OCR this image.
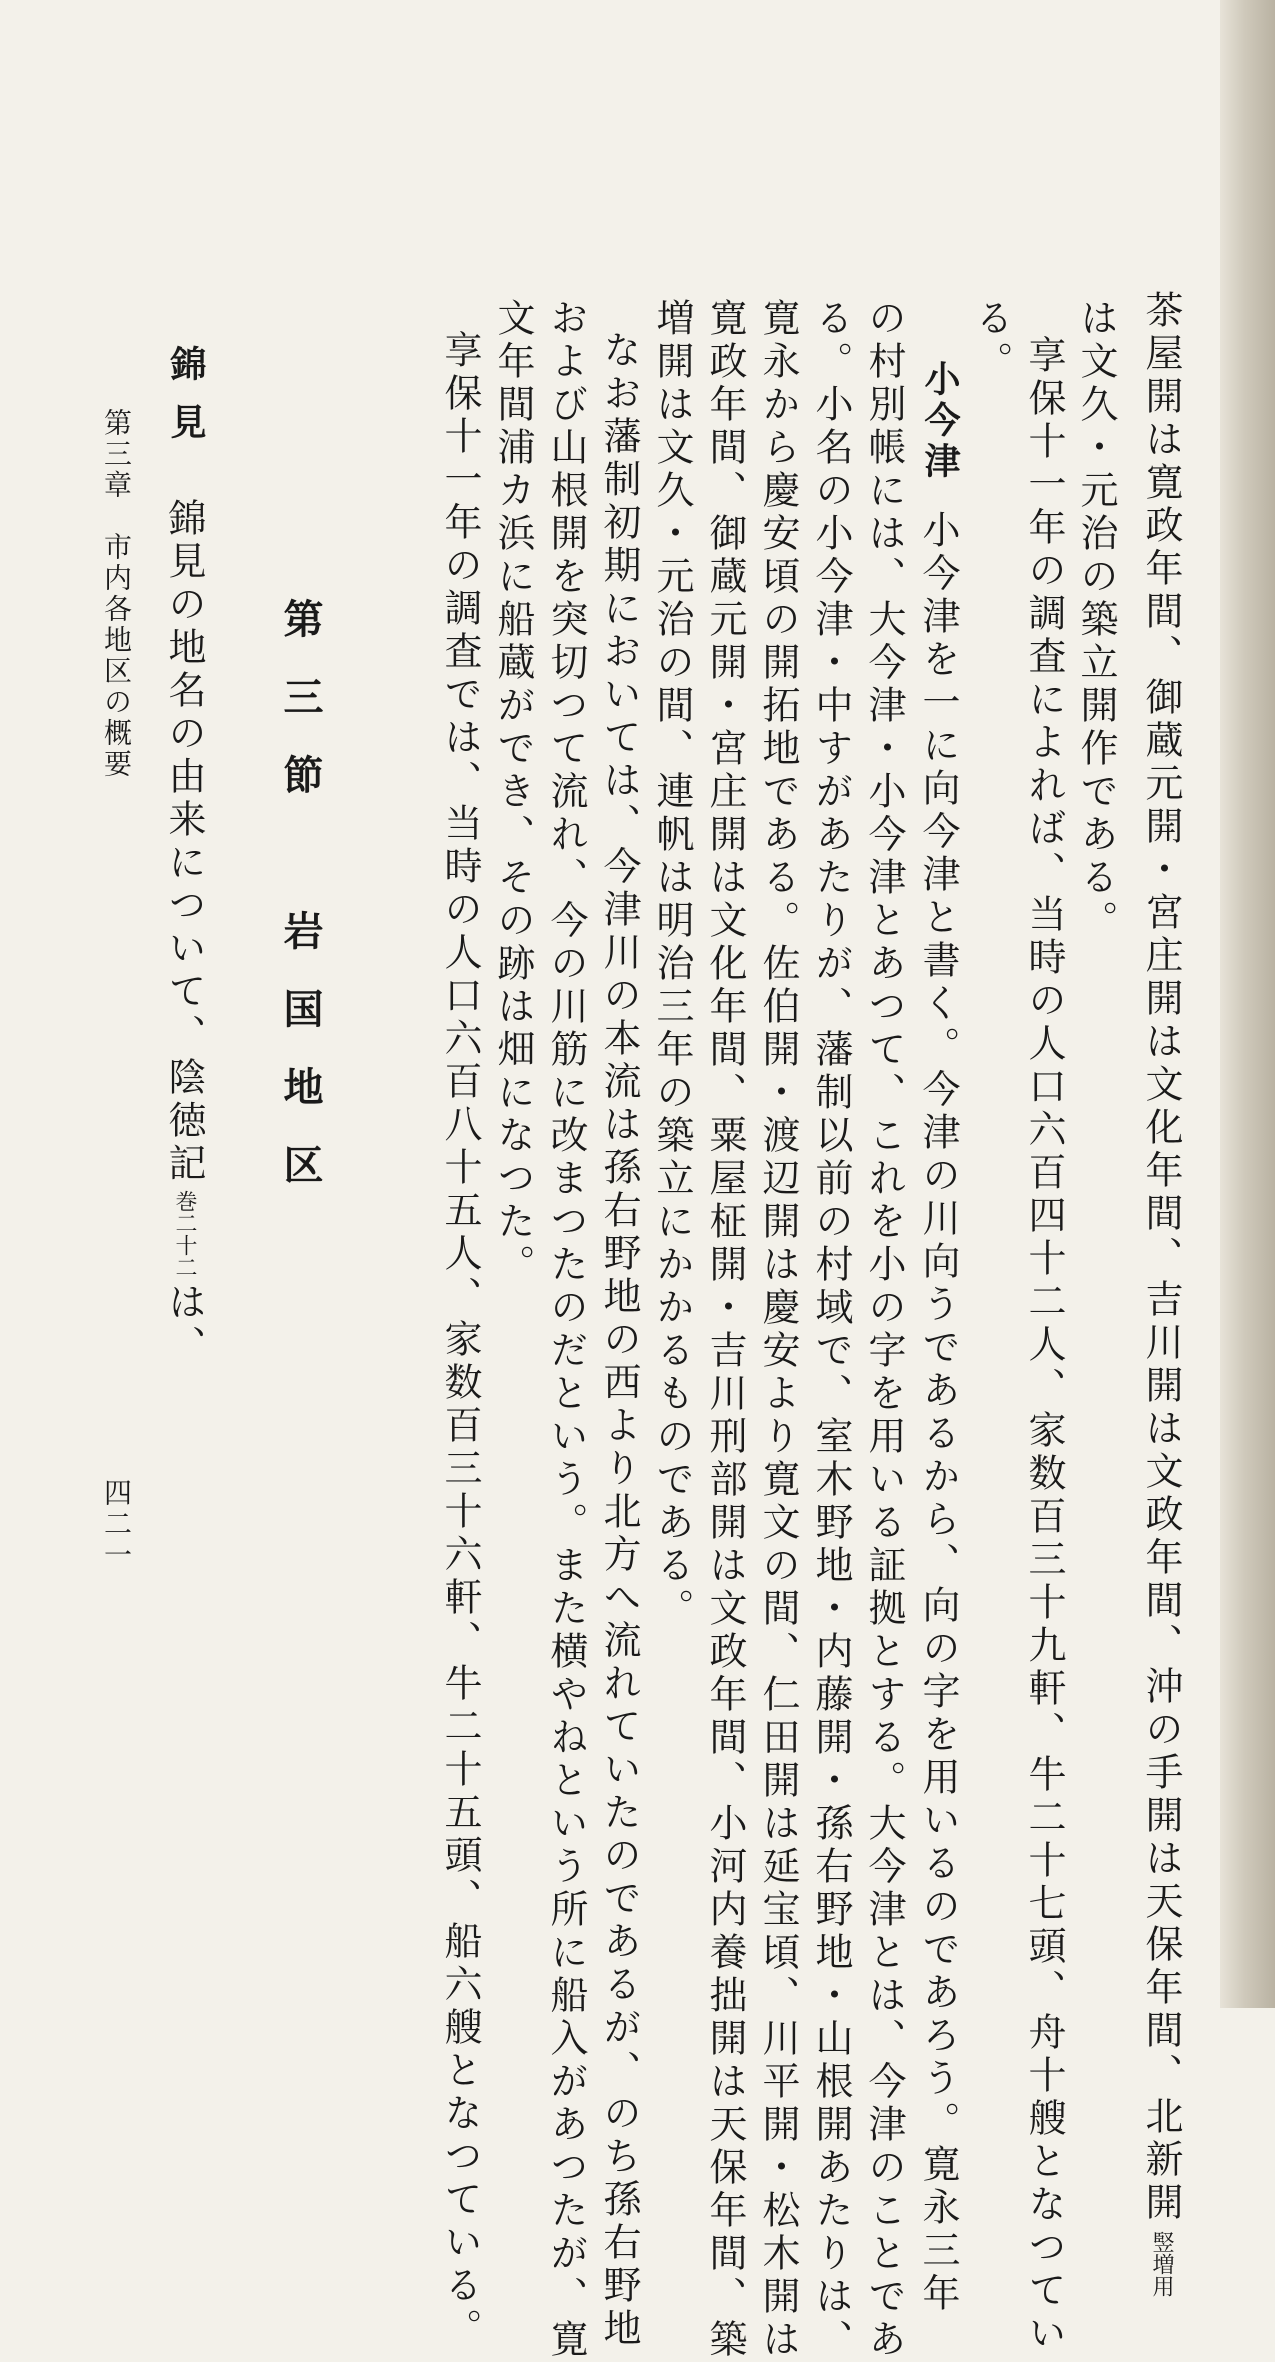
茶屋開は寛政年間、御蔵元開・宮庄開は文化年間、吉川開は文政年間、沖の手開は天保年間、北新開竪増用
は文久・元治の築立開作である。
享保十一年の調査によれば、当時の人口六百四十二人、家数百三十九軒、牛二十七頭、舟十艘となつてい
る。
小今津
小今津を一に向今津と書く。今津の川向うであるから、向の字を用いるのであろう。寛永三年
の村別帳には、大今津・小今津とあつて、これを小の字を用いる証拠とする。大今津とは、今津のことであ
る。小名の小今津・中すがあたりが、藩制以前の村域で、室木野地・内藤開・孫右野地・山根開あたりは、
寛永から慶安頃の開拓地である。佐伯開・渡辺開は慶安より寛文の間、仁田開は延宝頃、川平開・松木開は
寛政年間、御蔵元開・宮庄開は文化年間、粟屋柾開・吉川刑部開は文政年間、小河内養拙開は天保年間、築
増開は文久・元治の間、連帆は明治三年の築立にかかるものである。
なお藩制初期においては、今津川の本流は孫右野地の西より北方へ流れていたのであるが、のち孫右野地
および山根開を突切つて流れ、今の川筋に改まつたのだという。また横やねという所に船入があつたが、寛
文年間浦カ浜に船蔵ができ、その跡は畑になつた。
享保十一年の調査では、当時の人口六百八十五人、家数百三十六軒、牛二十五頭、船六艘となつている。
第三節　岩国地区
錦見
錦見の地名の由来について、陰徳記巻二十二は、
第三章　市内各地区の概要
四二一
